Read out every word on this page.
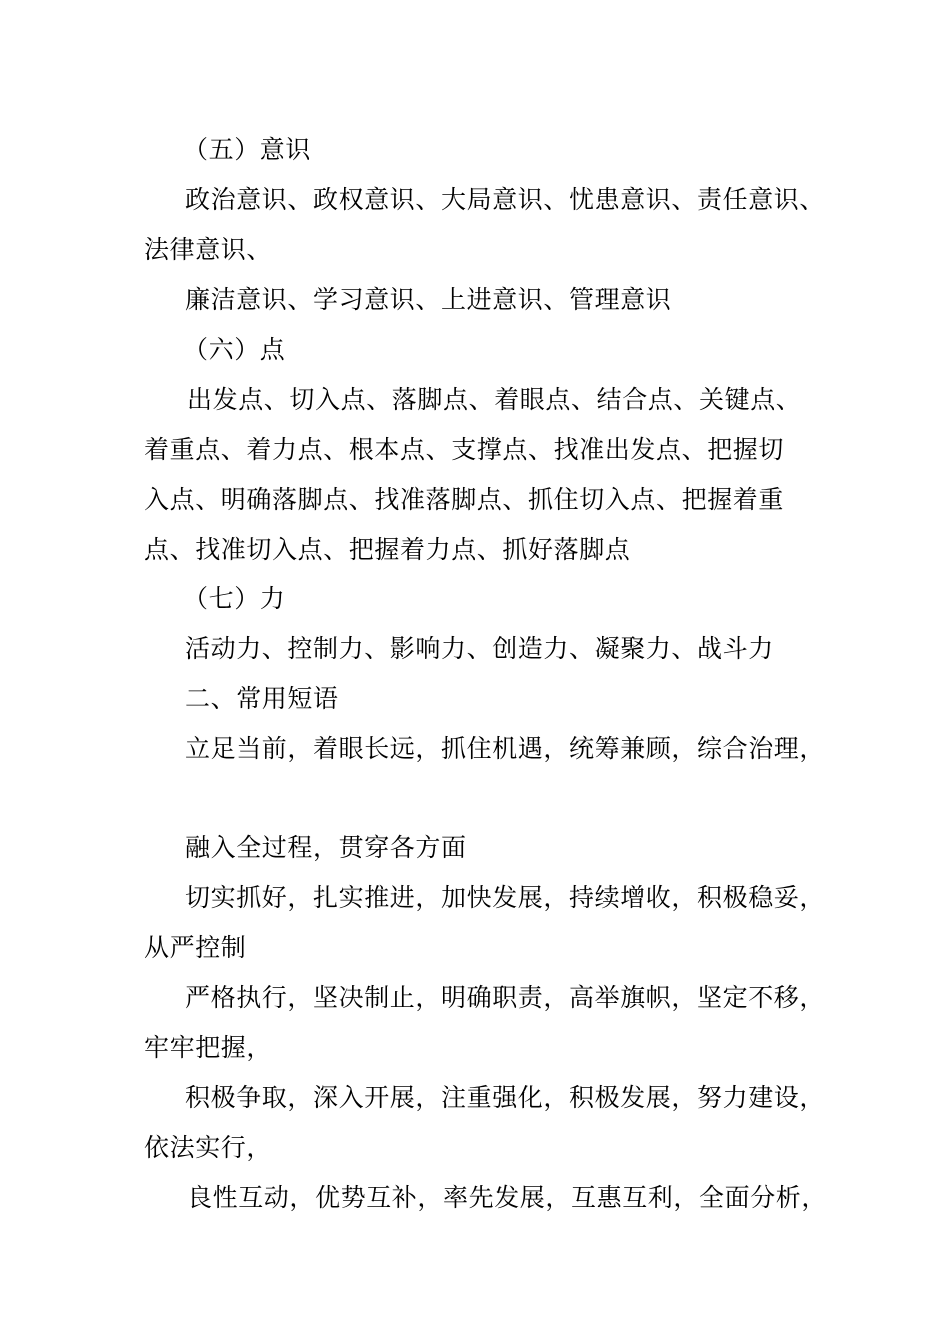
（五）意识
政治意识、政权意识、大局意识、忧患意识、责任意识、
法律意识、
廉洁意识、学习意识、上进意识、管理意识
（六）点
出发点、切入点、落脚点、着眼点、结合点、关键点、
着重点、着力点、根本点、支撑点、找准出发点、把握切
入点、明确落脚点、找准落脚点、抓住切入点、把握着重
点、找准切入点、把握着力点、抓好落脚点
（七）力
活动力、控制力、影响力、创造力、凝聚力、战斗力
二、常用短语
立足当前，着眼长远，抓住机遇，统筹兼顾，综合治理，
融入全过程，贯穿各方面
切实抓好，扎实推进，加快发展，持续增收，积极稳妥，
从严控制
严格执行，坚决制止，明确职责，高举旗帜，坚定不移，
牢牢把握，
积极争取，深入开展，注重强化，积极发展，努力建设，
依法实行，
良性互动，优势互补，率先发展，互惠互利，全面分析，
